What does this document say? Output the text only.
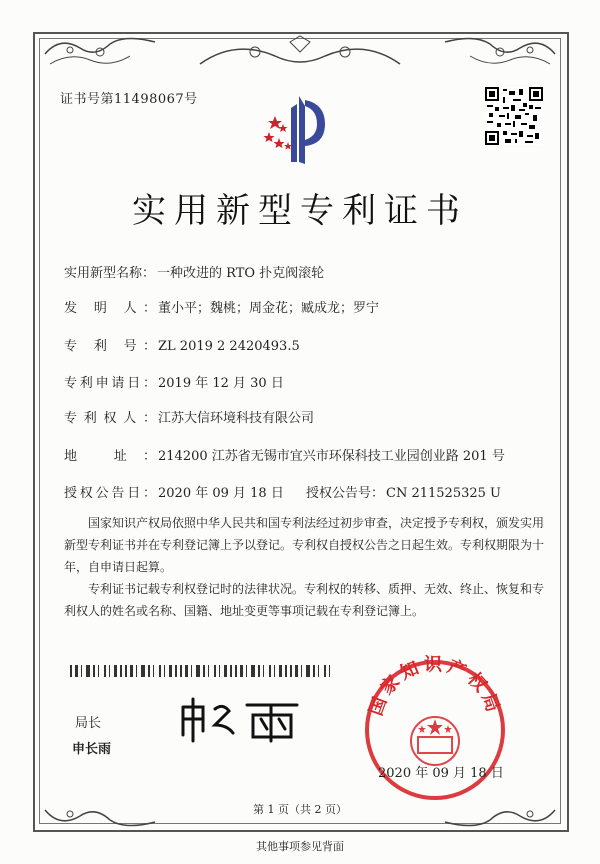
证书号第11498067号
实用新型专利证书
实用新型名称： 一种改进的 RTO 扑克阀滚轮
发 明 人： 董小平；魏桃；周金花；臧成龙；罗宁
专 利 号： ZL 2019 2 2420493.5
专利申请日： 2019 年 12 月 30 日
专利权人： 江苏大信环境科技有限公司
地 址： 214200 江苏省无锡市宜兴市环保科技工业园创业路 201 号
授权公告日： 2020 年 09 月 18 日 授权公告号： CN 211525325 U

国家知识产权局依照中华人民共和国专利法经过初步审查，决定授予专利权，颁发实用新型专利证书并在专利登记簿上予以登记。专利权自授权公告之日起生效。专利权期限为十年，自申请日起算。

专利证书记载专利权登记时的法律状况。专利权的转移、质押、无效、终止、恢复和专利权人的姓名或名称、国籍、地址变更等事项记载在专利登记簿上。

局长
申长雨
国家知识产权局
2020 年 09 月 18 日
第 1 页（共 2 页）
其他事项参见背面
